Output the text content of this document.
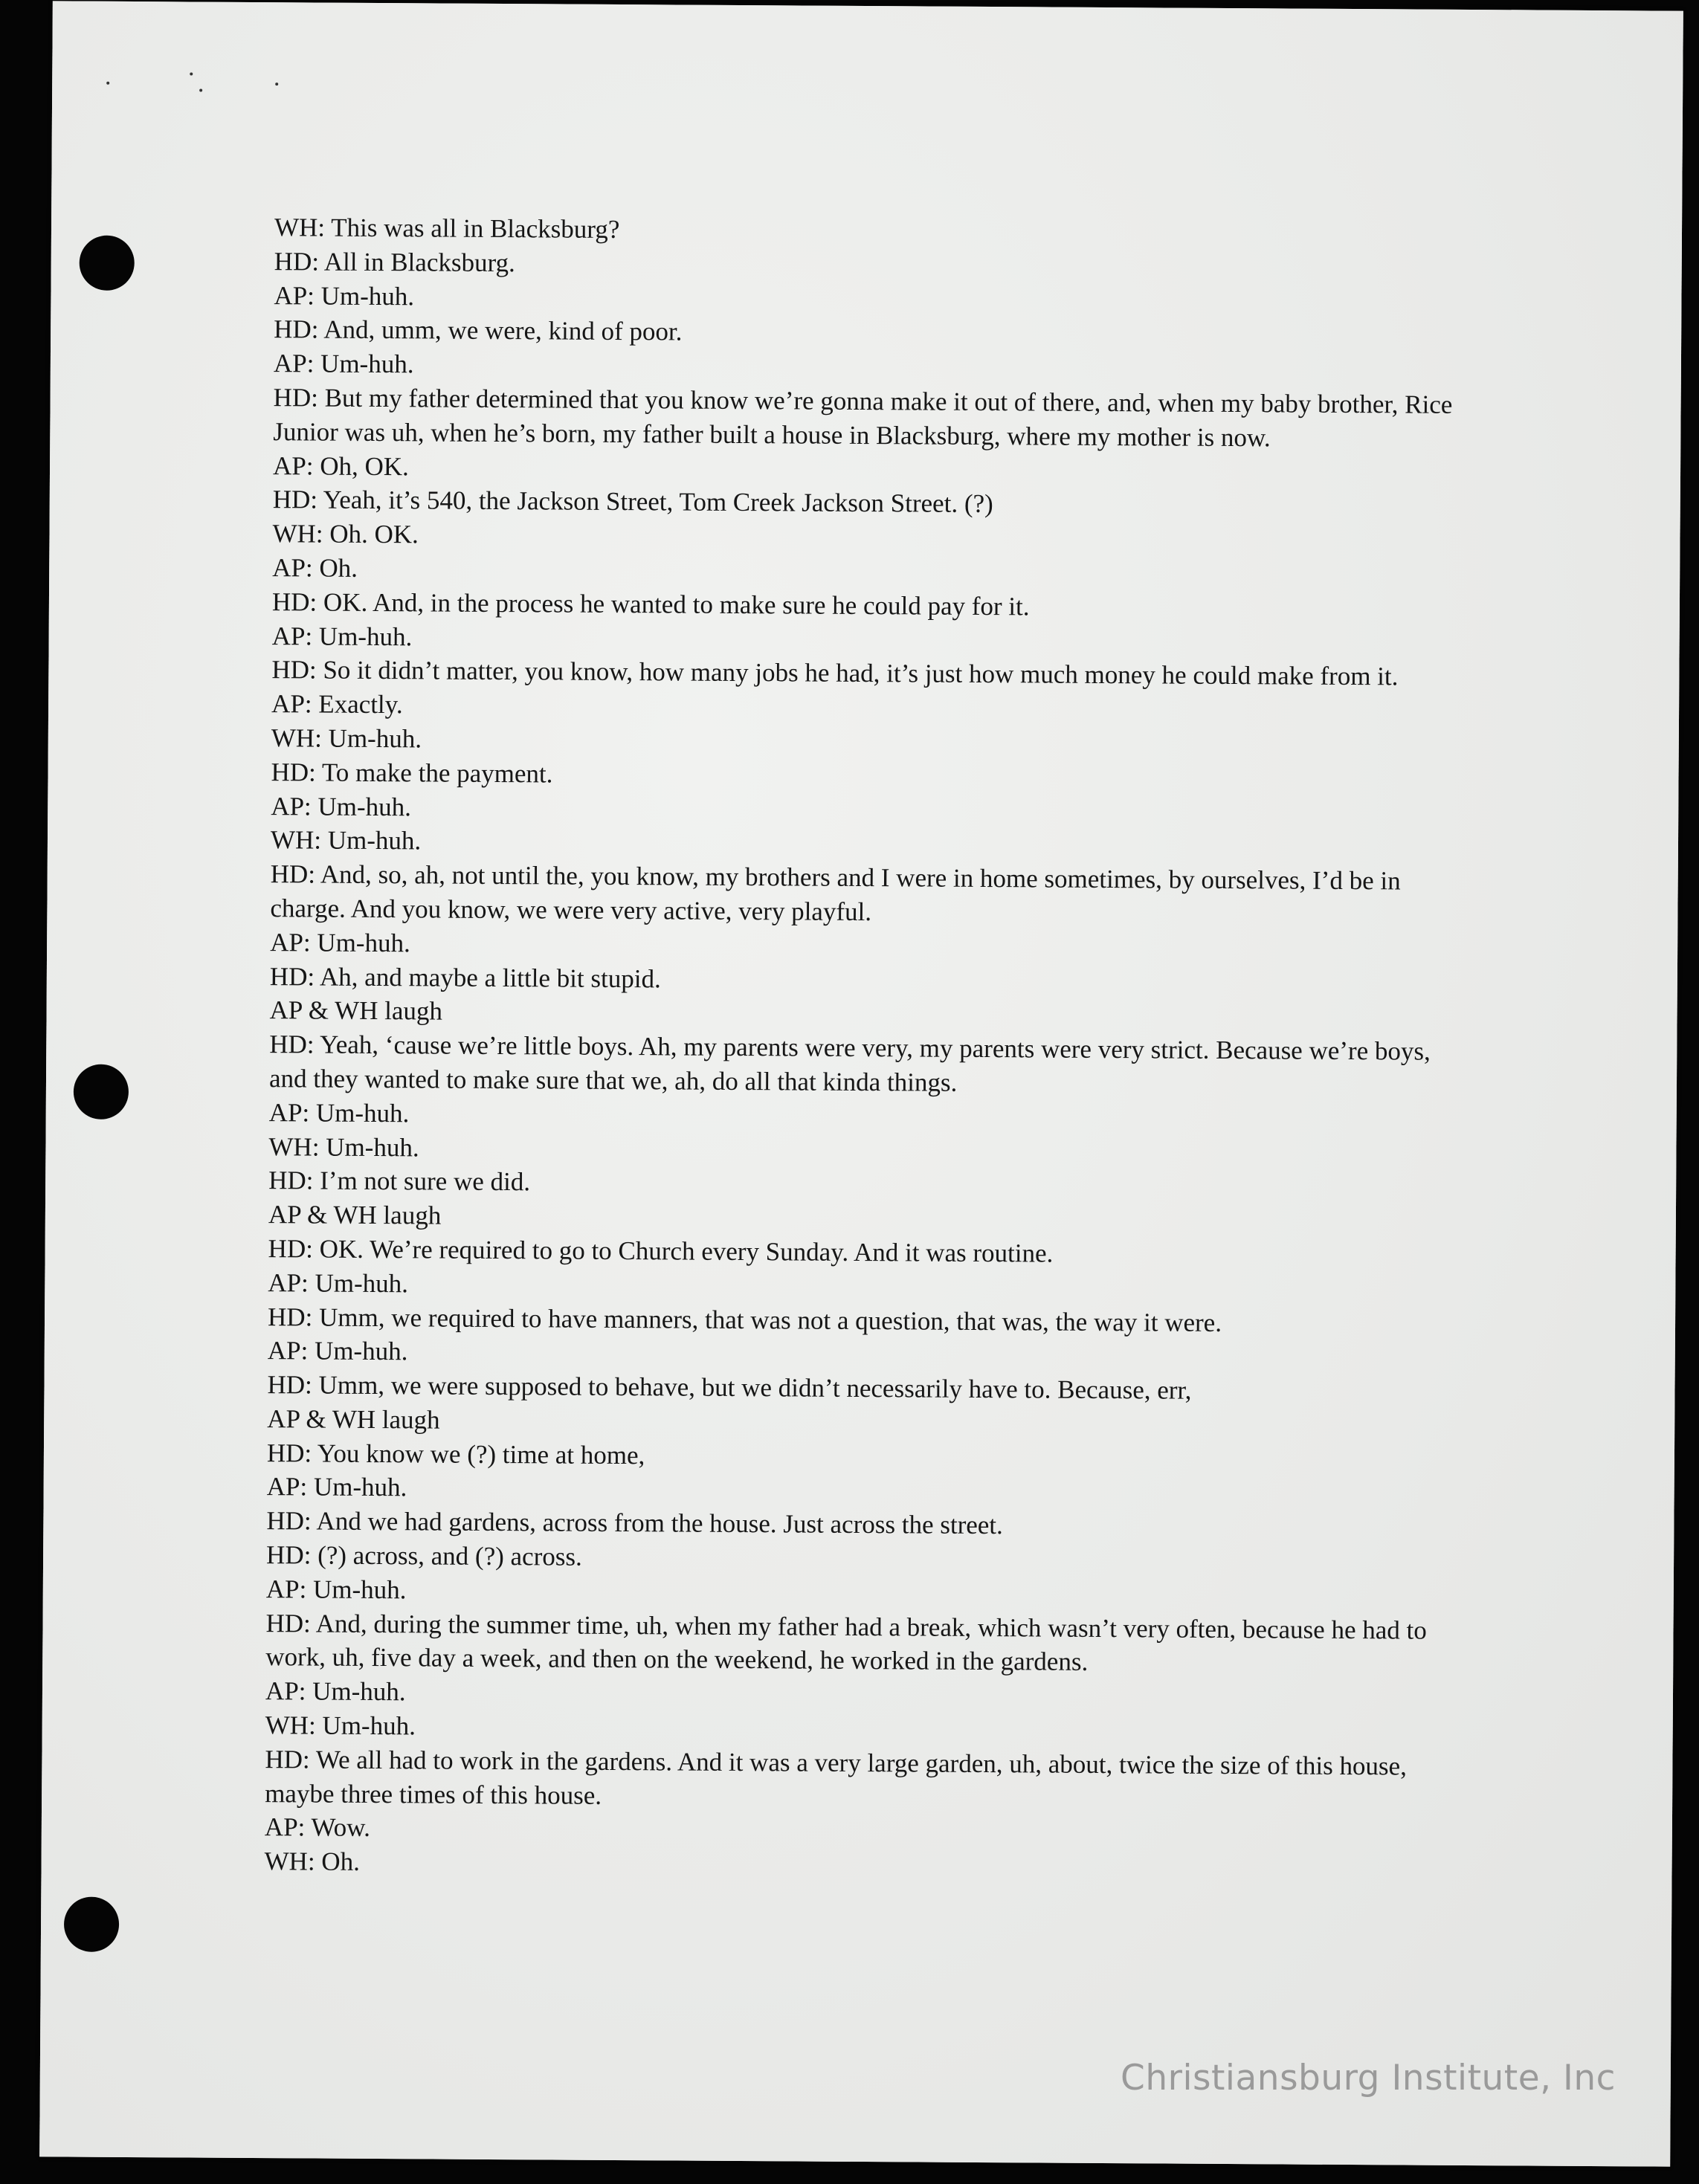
WH: This was all in Blacksburg?
HD: All in Blacksburg.
AP: Um-huh.
HD: And, umm, we were, kind of poor.
AP: Um-huh.
HD: But my father determined that you know we’re gonna make it out of there, and, when my baby brother, Rice Junior was uh, when he’s born, my father built a house in Blacksburg, where my mother is now.
AP: Oh, OK.
HD: Yeah, it’s 540, the Jackson Street, Tom Creek Jackson Street. (?)
WH: Oh. OK.
AP: Oh.
HD: OK. And, in the process he wanted to make sure he could pay for it.
AP: Um-huh.
HD: So it didn’t matter, you know, how many jobs he had, it’s just how much money he could make from it.
AP: Exactly.
WH: Um-huh.
HD: To make the payment.
AP: Um-huh.
WH: Um-huh.
HD: And, so, ah, not until the, you know, my brothers and I were in home sometimes, by ourselves, I’d be in charge. And you know, we were very active, very playful.
AP: Um-huh.
HD: Ah, and maybe a little bit stupid.
AP & WH laugh
HD: Yeah, ‘cause we’re little boys. Ah, my parents were very, my parents were very strict. Because we’re boys, and they wanted to make sure that we, ah, do all that kinda things.
AP: Um-huh.
WH: Um-huh.
HD: I’m not sure we did.
AP & WH laugh
HD: OK. We’re required to go to Church every Sunday. And it was routine.
AP: Um-huh.
HD: Umm, we required to have manners, that was not a question, that was, the way it were.
AP: Um-huh.
HD: Umm, we were supposed to behave, but we didn’t necessarily have to. Because, err,
AP & WH laugh
HD: You know we (?) time at home,
AP: Um-huh.
HD: And we had gardens, across from the house. Just across the street.
HD: (?) across, and (?) across.
AP: Um-huh.
HD: And, during the summer time, uh, when my father had a break, which wasn’t very often, because he had to work, uh, five day a week, and then on the weekend, he worked in the gardens.
AP: Um-huh.
WH: Um-huh.
HD: We all had to work in the gardens. And it was a very large garden, uh, about, twice the size of this house, maybe three times of this house.
AP: Wow.
WH: Oh.
Christiansburg Institute, Inc
